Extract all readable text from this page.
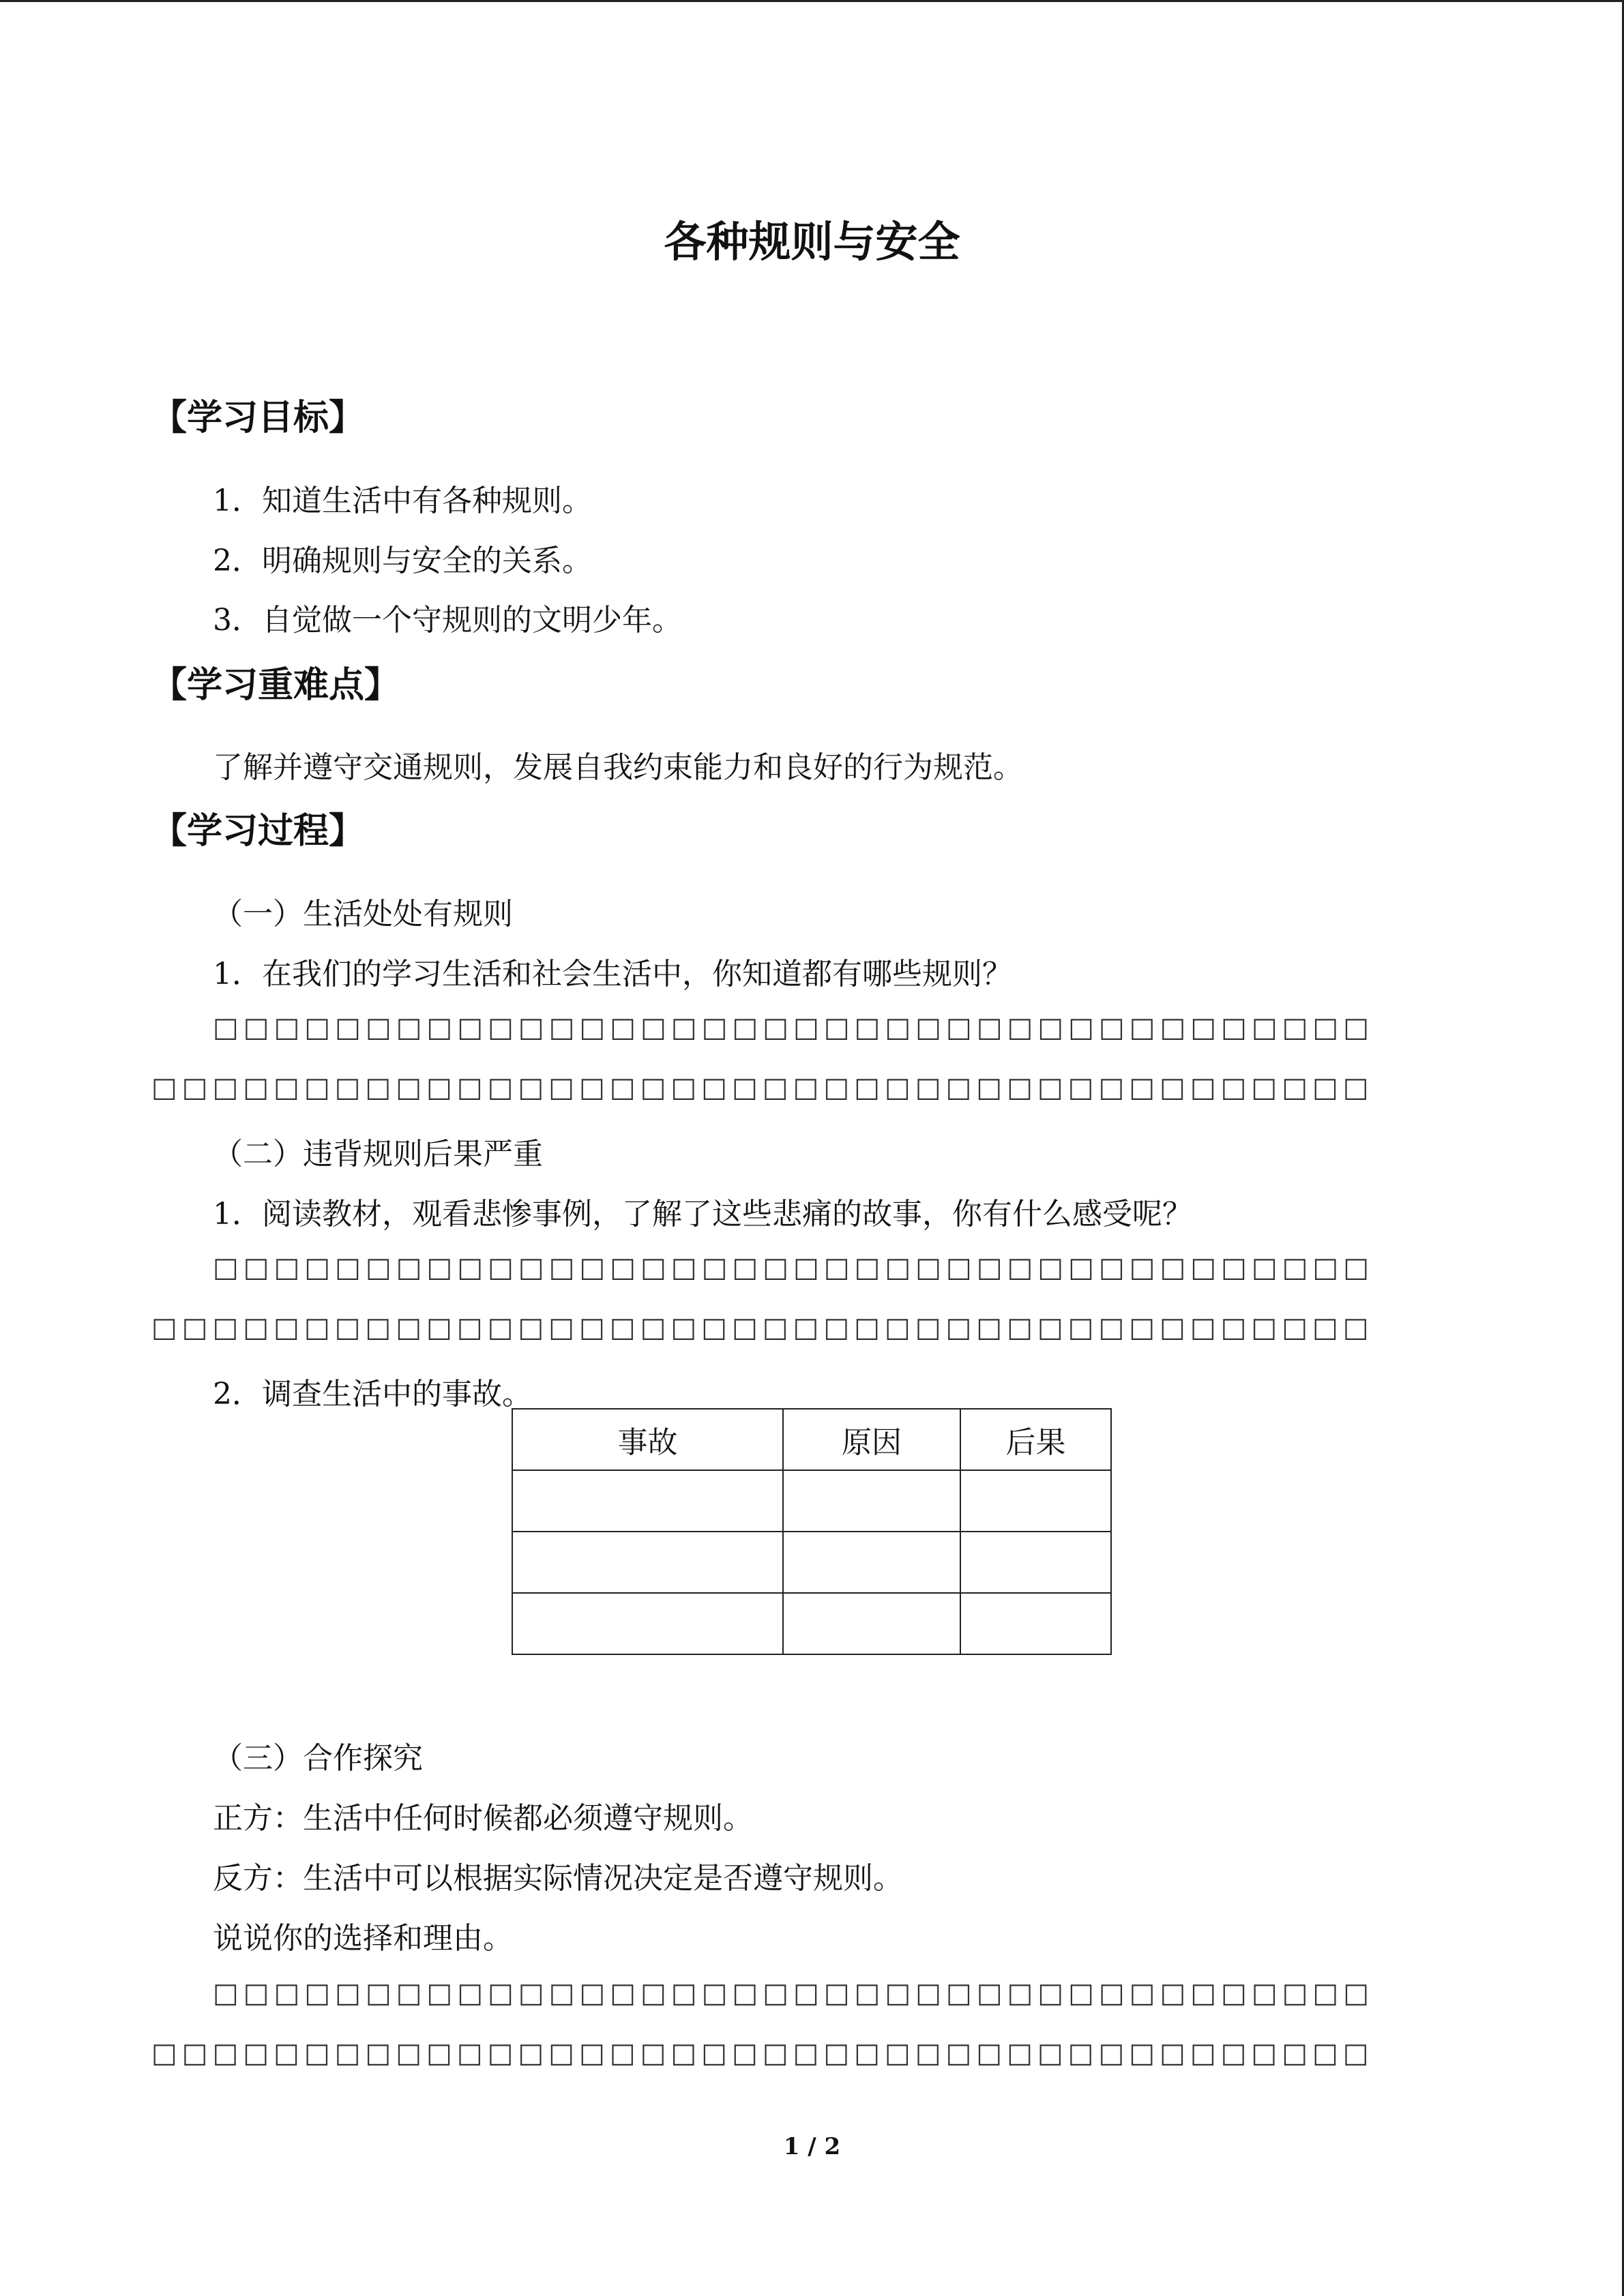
各种规则与安全
【学习目标】
1．知道生活中有各种规则。
2．明确规则与安全的关系。
3．自觉做一个守规则的文明少年。
【学习重难点】
了解并遵守交通规则，发展自我约束能力和良好的行为规范。
【学习过程】
（一）生活处处有规则
1．在我们的学习生活和社会生活中，你知道都有哪些规则？
□□□□□□□□□□□□□□□□□□□□□□□□□□□□□□□□□□□□□□
□□□□□□□□□□□□□□□□□□□□□□□□□□□□□□□□□□□□□□□□
（二）违背规则后果严重
1．阅读教材，观看悲惨事例，了解了这些悲痛的故事，你有什么感受呢？
□□□□□□□□□□□□□□□□□□□□□□□□□□□□□□□□□□□□□□
□□□□□□□□□□□□□□□□□□□□□□□□□□□□□□□□□□□□□□□□
2．调查生活中的事故。
事故	原因	后果

（三）合作探究
正方：生活中任何时候都必须遵守规则。
反方：生活中可以根据实际情况决定是否遵守规则。
说说你的选择和理由。
□□□□□□□□□□□□□□□□□□□□□□□□□□□□□□□□□□□□□□
□□□□□□□□□□□□□□□□□□□□□□□□□□□□□□□□□□□□□□□□
1 / 2
